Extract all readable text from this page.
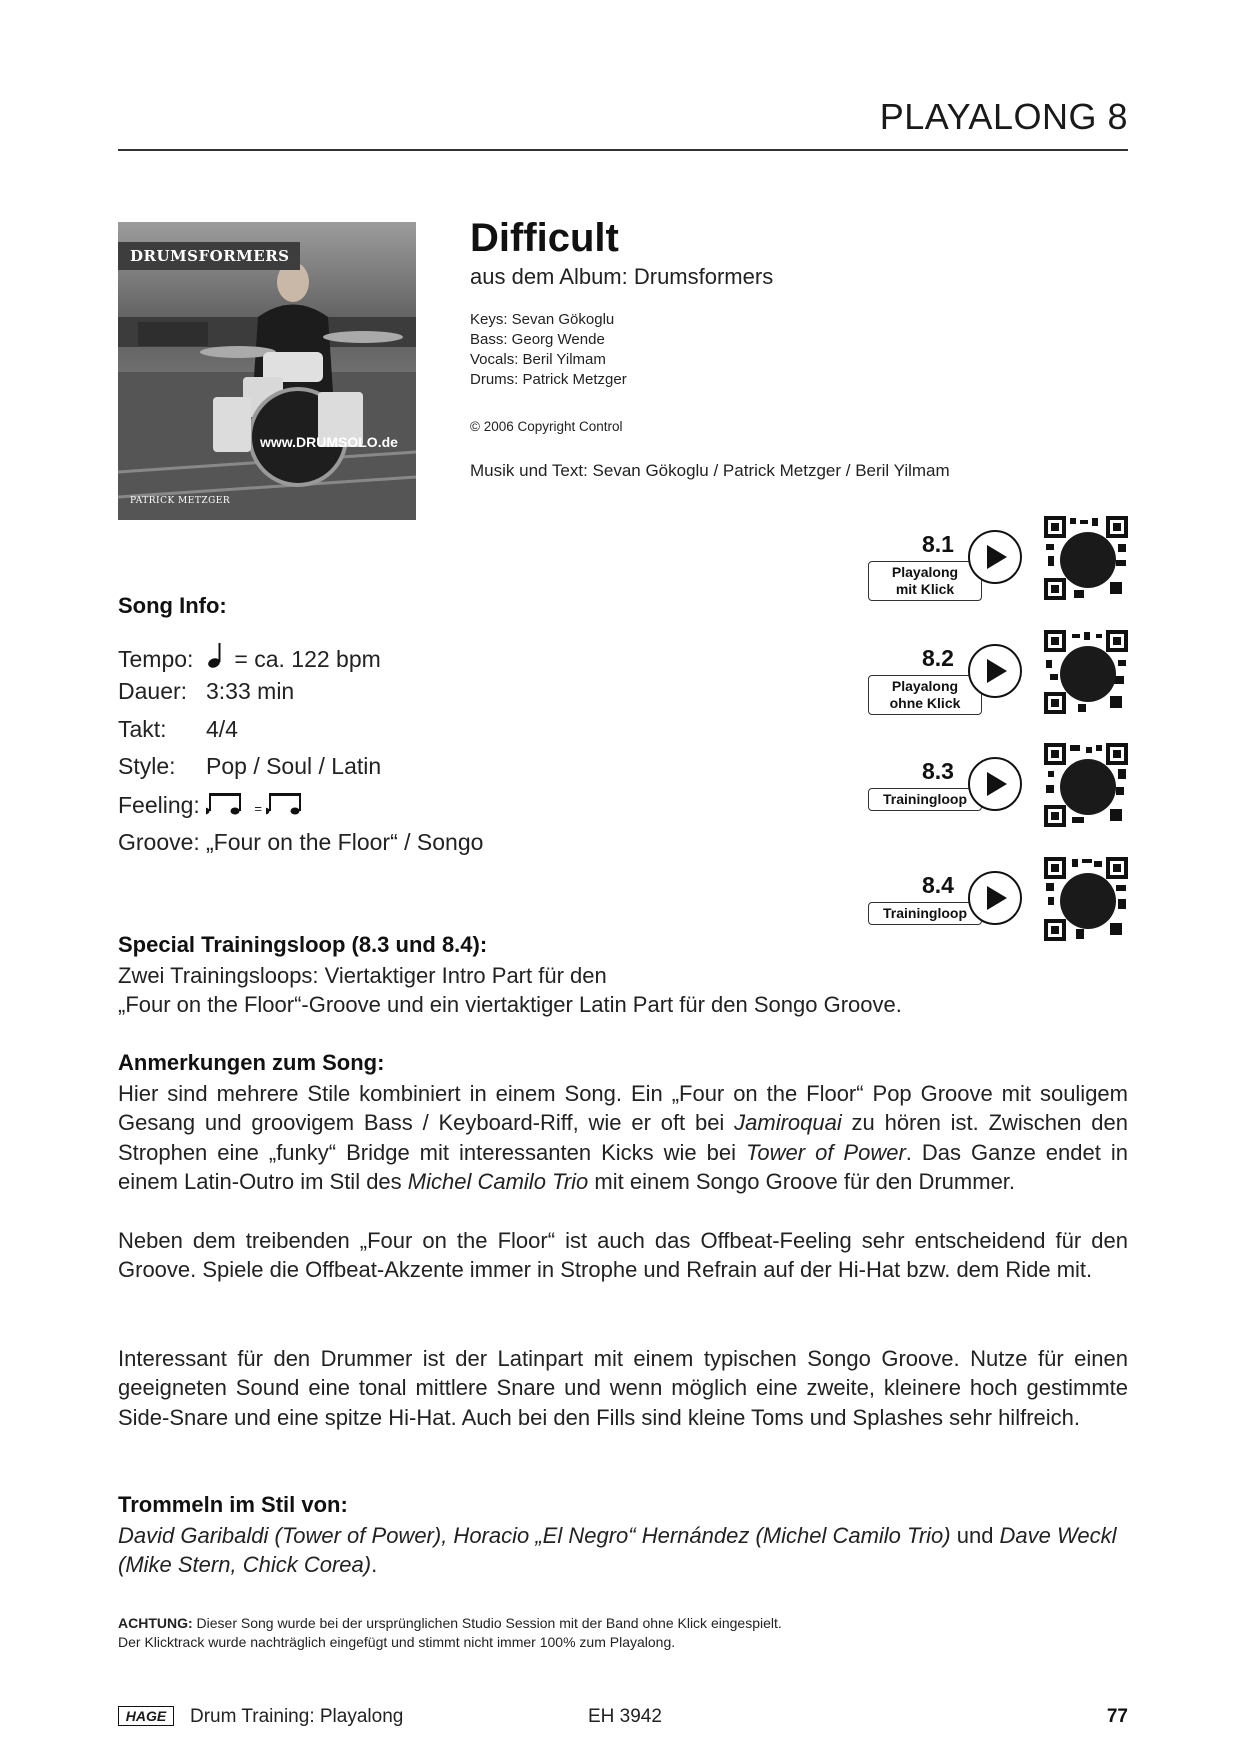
PLAYALONG 8
DRUMSFORMERS
www.DRUMSOLO.de
PATRICK METZGER
Difficult
aus dem Album: Drumsformers
Keys: Sevan Gökoglu
Bass: Georg Wende
Vocals: Beril Yilmam
Drums: Patrick Metzger
© 2006 Copyright Control
Musik und Text: Sevan Gökoglu / Patrick Metzger / Beril Yilmam
Song Info:
Tempo: = ca. 122 bpm
Dauer: 3:33 min
Takt: 4/4
Style: Pop / Soul / Latin
Feeling:	=
Groove: „Four on the Floor“ / Songo
8.1
Playalong
mit Klick
8.2
Playalong
ohne Klick
8.3
Trainingloop
8.4
Trainingloop
Special Trainingsloop (8.3 und 8.4):
Zwei Trainingsloops: Viertaktiger Intro Part für den
„Four on the Floor“-Groove und ein viertaktiger Latin Part für den Songo Groove.
Anmerkungen zum Song:
Hier sind mehrere Stile kombiniert in einem Song. Ein „Four on the Floor“ Pop Groove mit souligem Gesang und groovigem Bass / Keyboard-Riff, wie er oft bei Jamiroquai zu hören ist. Zwischen den Strophen eine „funky“ Bridge mit interessanten Kicks wie bei Tower of Power. Das Ganze endet in einem Latin-Outro im Stil des Michel Camilo Trio mit einem Songo Groove für den Drummer.
Neben dem treibenden „Four on the Floor“ ist auch das Offbeat-Feeling sehr entscheidend für den Groove. Spiele die Offbeat-Akzente immer in Strophe und Refrain auf der Hi-Hat bzw. dem Ride mit.
Interessant für den Drummer ist der Latinpart mit einem typischen Songo Groove. Nutze für einen geeigneten Sound eine tonal mittlere Snare und wenn möglich eine zweite, kleinere hoch gestimmte Side-Snare und eine spitze Hi-Hat. Auch bei den Fills sind kleine Toms und Splashes sehr hilfreich.
Trommeln im Stil von:
David Garibaldi (Tower of Power), Horacio „El Negro“ Hernández (Michel Camilo Trio) und Dave Weckl (Mike Stern, Chick Corea).
ACHTUNG: Dieser Song wurde bei der ursprünglichen Studio Session mit der Band ohne Klick eingespielt.
Der Klicktrack wurde nachträglich eingefügt und stimmt nicht immer 100% zum Playalong.
HAGE	Drum Training: Playalong	EH 3942	77
